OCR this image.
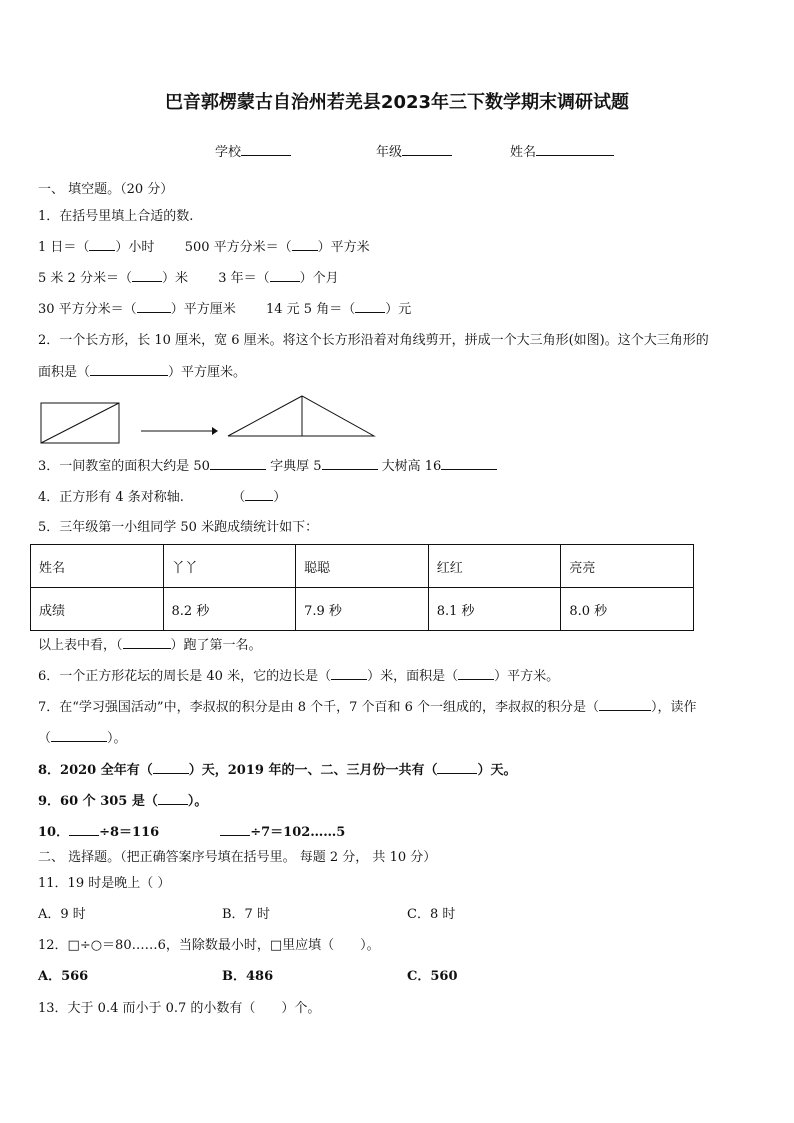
巴音郭楞蒙古自治州若羌县2023年三下数学期末调研试题
学校	年级	姓名
一、 填空题。（20 分）
1．在括号里填上合适的数.
1 日＝（ ）小时 500 平方分米＝（ ）平方米
5 米 2 分米＝（ ）米 3 年＝（ ）个月
30 平方分米＝（	）平方厘米 14 元 5 角＝（ ）元
2．一个长方形，长 10 厘米，宽 6 厘米。将这个长方形沿着对角线剪开，拼成一个大三角形(如图)。这个大三角形的
面积是（	）平方厘米。
3．一间教室的面积大约是 50	字典厚 5	大树高 16
4．正方形有 4 条对称轴.	（ ）
5．三年级第一小组同学 50 米跑成绩统计如下：
姓名	丫丫	聪聪	红红	亮亮
成绩	8.2 秒	7.9 秒	8.1 秒	8.0 秒
以上表中看，（	）跑了第一名。
6．一个正方形花坛的周长是 40 米，它的边长是（	）米，面积是（	）平方米。
7．在“学习强国活动”中，李叔叔的积分是由 8 个千，7 个百和 6 个一组成的，李叔叔的积分是（	），读作
（	）。
8．2020 全年有（	）天，2019 年的一、二、三月份一共有（	）天。
9．60 个 305 是（ ）。
10． ÷8＝116	÷7＝102……5
二、 选择题。（把正确答案序号填在括号里。 每题 2 分， 共 10 分）
11．19 时是晚上（ ）
A．9 时	B．7 时	C．8 时
12．□÷○＝80……6，当除数最小时，□里应填（　　）。
A．566	B．486	C．560
13．大于 0.4 而小于 0.7 的小数有（　　）个。
